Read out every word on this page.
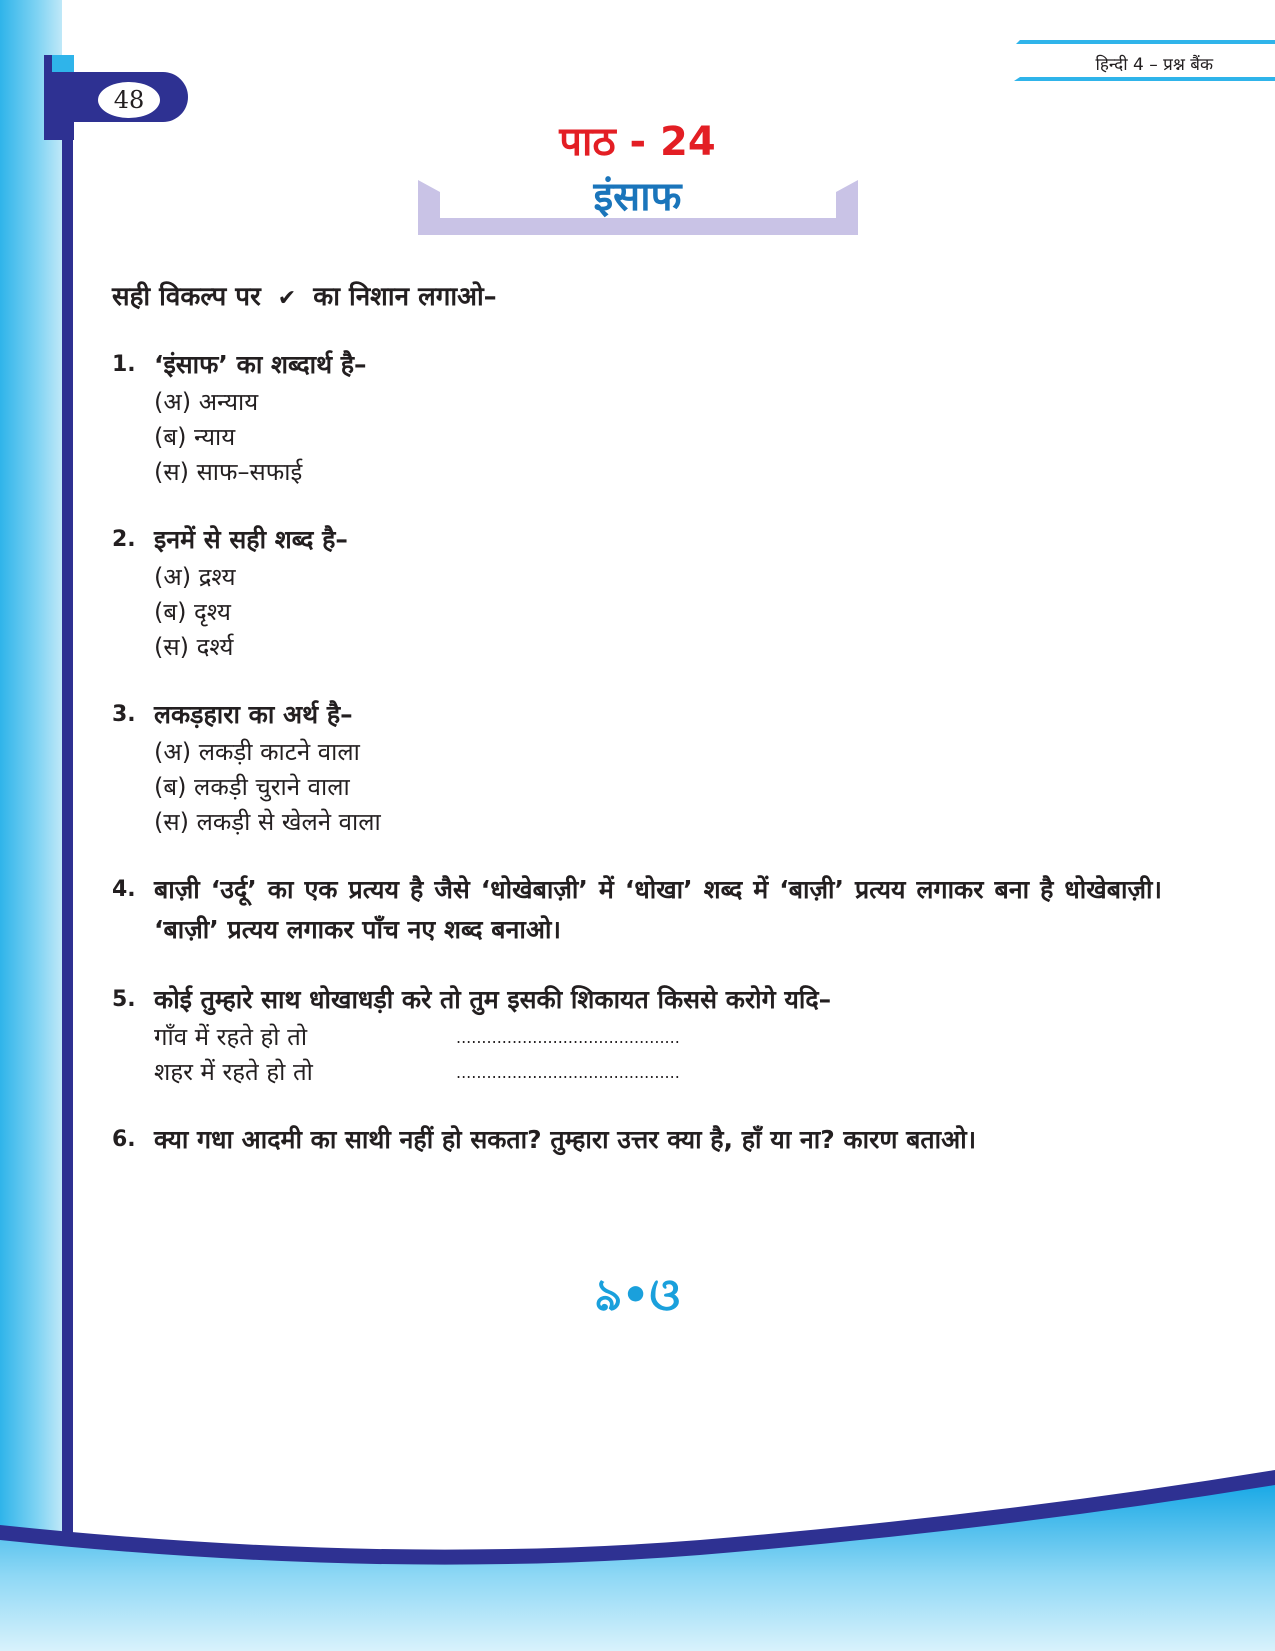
48
हिन्दी 4 – प्रश्न बैंक
पाठ - 24
इंसाफ
सही विकल्प पर ✔ का निशान लगाओ–
1. ‘इंसाफ’ का शब्दार्थ है–
(अ) अन्याय
(ब) न्याय
(स) साफ–सफाई
2. इनमें से सही शब्द है–
(अ) द्रश्य
(ब) दृश्य
(स) दर्श्य
3. लकड़हारा का अर्थ है–
(अ) लकड़ी काटने वाला
(ब) लकड़ी चुराने वाला
(स) लकड़ी से खेलने वाला
4. बाज़ी ‘उर्दू’ का एक प्रत्यय है जैसे ‘धोखेबाज़ी’ में ‘धोखा’ शब्द में ‘बाज़ी’ प्रत्यय लगाकर बना है धोखेबाज़ी। ‘बाज़ी’ प्रत्यय लगाकर पाँच नए शब्द बनाओ।
5. कोई तुम्हारे साथ धोखाधड़ी करे तो तुम इसकी शिकायत किससे करोगे यदि–
गाँव में रहते हो तो	............................................
शहर में रहते हो तो	............................................
6. क्या गधा आदमी का साथी नहीं हो सकता? तुम्हारा उत्तर क्या है, हाँ या ना? कारण बताओ।
ঌ•ଓ
